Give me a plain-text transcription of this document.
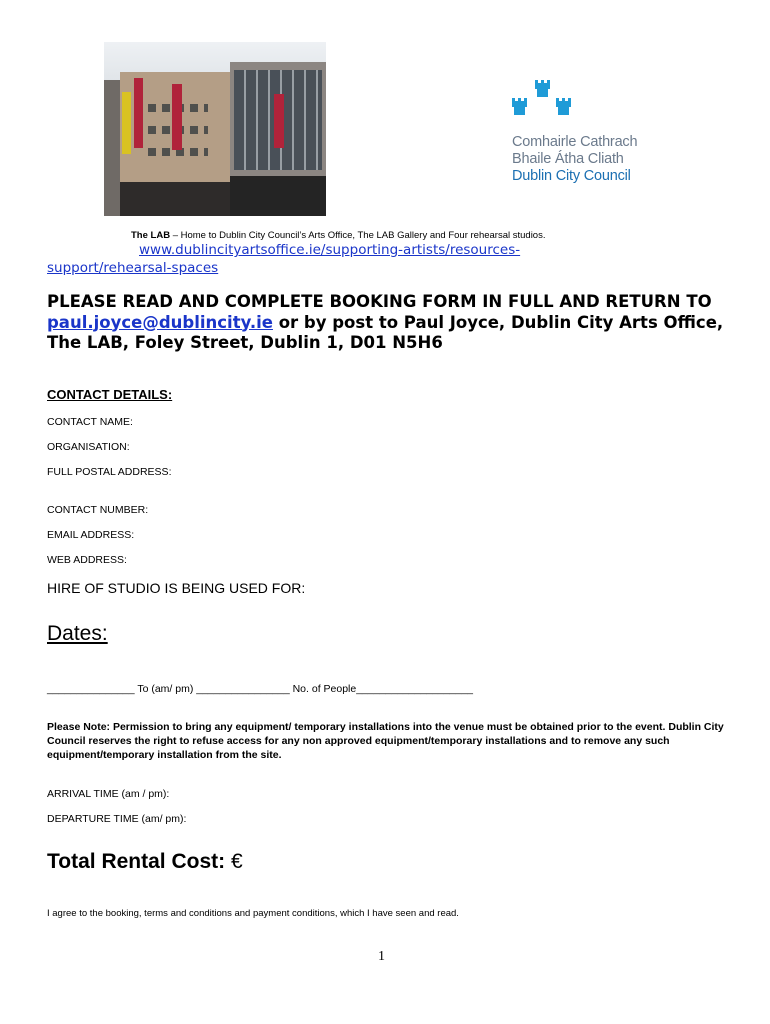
Comhairle Cathrach
Bhaile Átha Cliath
Dublin City Council
The LAB – Home to Dublin City Council’s Arts Office, The LAB Gallery and Four rehearsal studios.
www.dublincityartsoffice.ie/supporting-artists/resources-
support/rehearsal-spaces
PLEASE READ AND COMPLETE BOOKING FORM IN FULL AND RETURN TO paul.joyce@dublincity.ie or by post to Paul Joyce, Dublin City Arts Office, The LAB, Foley Street, Dublin 1, D01 N5H6
CONTACT DETAILS:
CONTACT NAME:
ORGANISATION:
FULL POSTAL ADDRESS:
CONTACT NUMBER:
EMAIL ADDRESS:
WEB ADDRESS:
HIRE OF STUDIO IS BEING USED FOR:
Dates:
_______________ To (am/ pm) ________________ No. of People____________________
Please Note: Permission to bring any equipment/ temporary installations into the venue must be obtained prior to the event. Dublin City Council reserves the right to refuse access for any non approved equipment/temporary installations and to remove any such equipment/temporary installation from the site.
ARRIVAL TIME (am / pm):
DEPARTURE TIME (am/ pm):
Total Rental Cost: €
I agree to the booking, terms and conditions and payment conditions, which I have seen and read.
1
